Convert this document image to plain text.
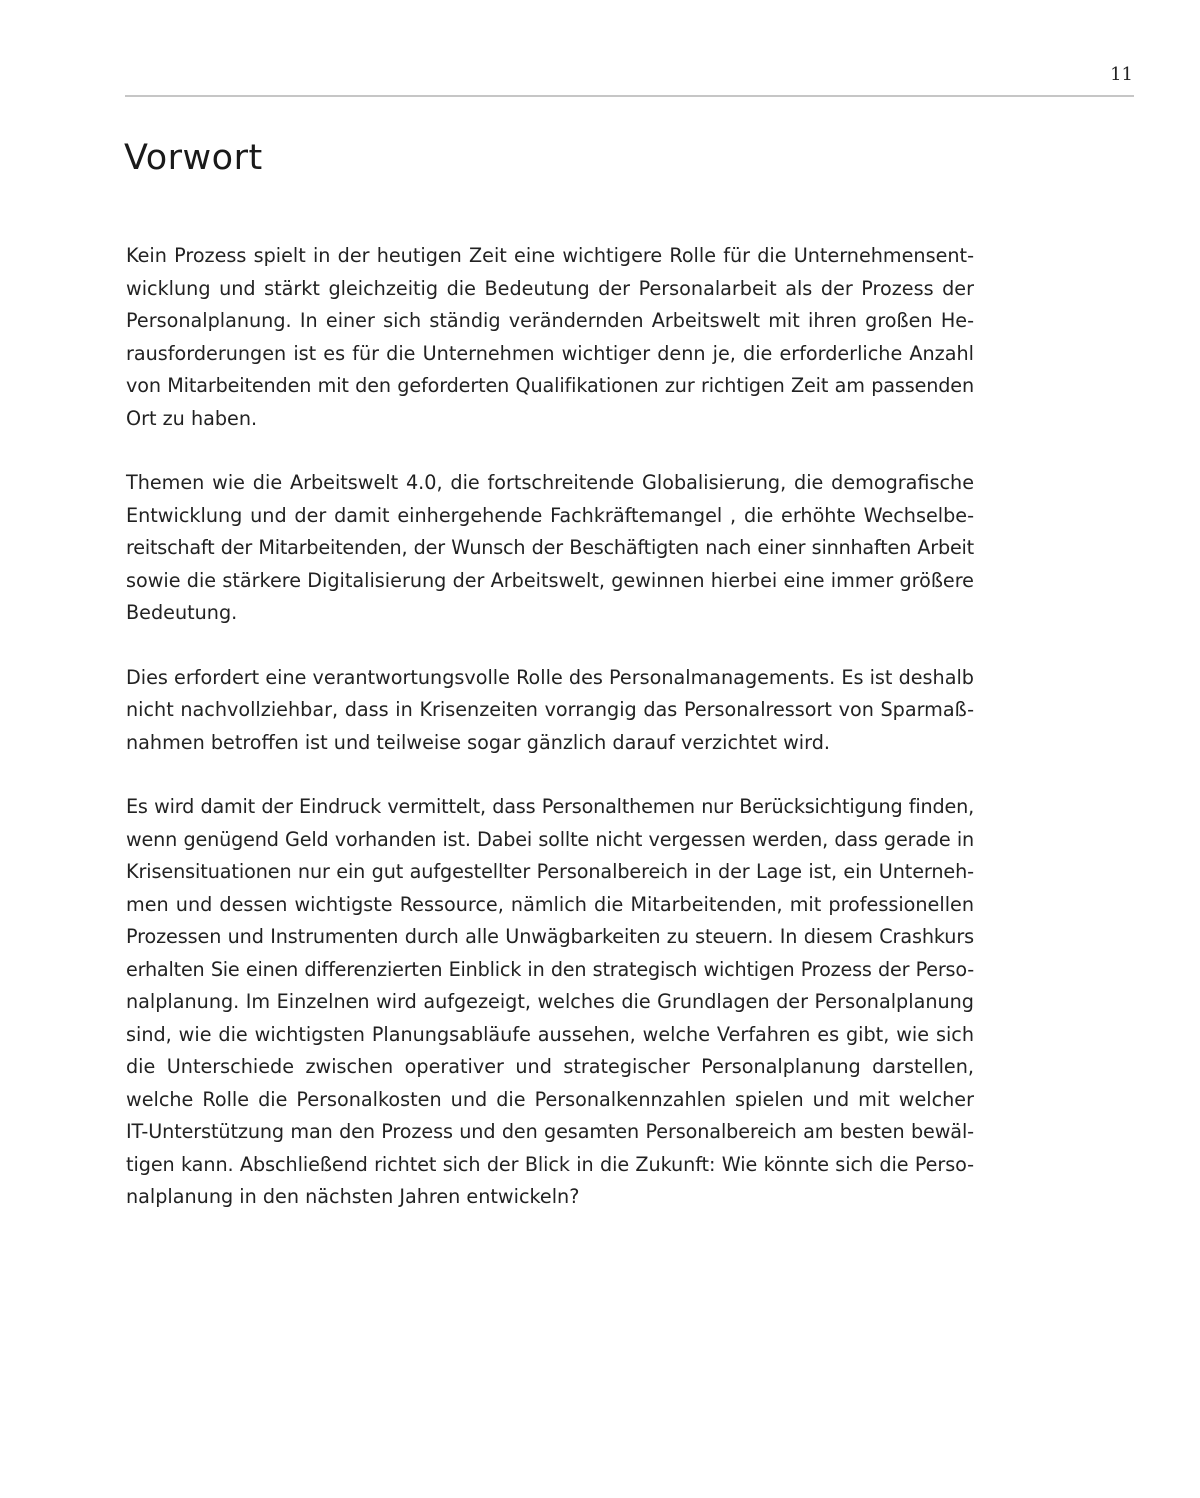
11
Vorwort

Kein Prozess spielt in der heutigen Zeit eine wichtigere Rolle für die Unternehmensent-
wicklung und stärkt gleichzeitig die Bedeutung der Personalarbeit als der Prozess der
Personalplanung. In einer sich ständig verändernden Arbeitswelt mit ihren großen He-
rausforderungen ist es für die Unternehmen wichtiger denn je, die erforderliche Anzahl
von Mitarbeitenden mit den geforderten Qualifikationen zur richtigen Zeit am passenden
Ort zu haben.

Themen wie die Arbeitswelt 4.0, die fortschreitende Globalisierung, die demografische
Entwicklung und der damit einhergehende Fachkräftemangel , die erhöhte Wechselbe-
reitschaft der Mitarbeitenden, der Wunsch der Beschäftigten nach einer sinnhaften Arbeit
sowie die stärkere Digitalisierung der Arbeitswelt, gewinnen hierbei eine immer größere
Bedeutung.

Dies erfordert eine verantwortungsvolle Rolle des Personalmanagements. Es ist deshalb
nicht nachvollziehbar, dass in Krisenzeiten vorrangig das Personalressort von Sparmaß-
nahmen betroffen ist und teilweise sogar gänzlich darauf verzichtet wird.

Es wird damit der Eindruck vermittelt, dass Personalthemen nur Berücksichtigung finden,
wenn genügend Geld vorhanden ist. Dabei sollte nicht vergessen werden, dass gerade in
Krisensituationen nur ein gut aufgestellter Personalbereich in der Lage ist, ein Unterneh-
men und dessen wichtigste Ressource, nämlich die Mitarbeitenden, mit professionellen
Prozessen und Instrumenten durch alle Unwägbarkeiten zu steuern. In diesem Crashkurs
erhalten Sie einen differenzierten Einblick in den strategisch wichtigen Prozess der Perso-
nalplanung. Im Einzelnen wird aufgezeigt, welches die Grundlagen der Personalplanung
sind, wie die wichtigsten Planungsabläufe aussehen, welche Verfahren es gibt, wie sich
die Unterschiede zwischen operativer und strategischer Personalplanung darstellen,
welche Rolle die Personalkosten und die Personalkennzahlen spielen und mit welcher
IT-Unterstützung man den Prozess und den gesamten Personalbereich am besten bewäl-
tigen kann. Abschließend richtet sich der Blick in die Zukunft: Wie könnte sich die Perso-
nalplanung in den nächsten Jahren entwickeln?
